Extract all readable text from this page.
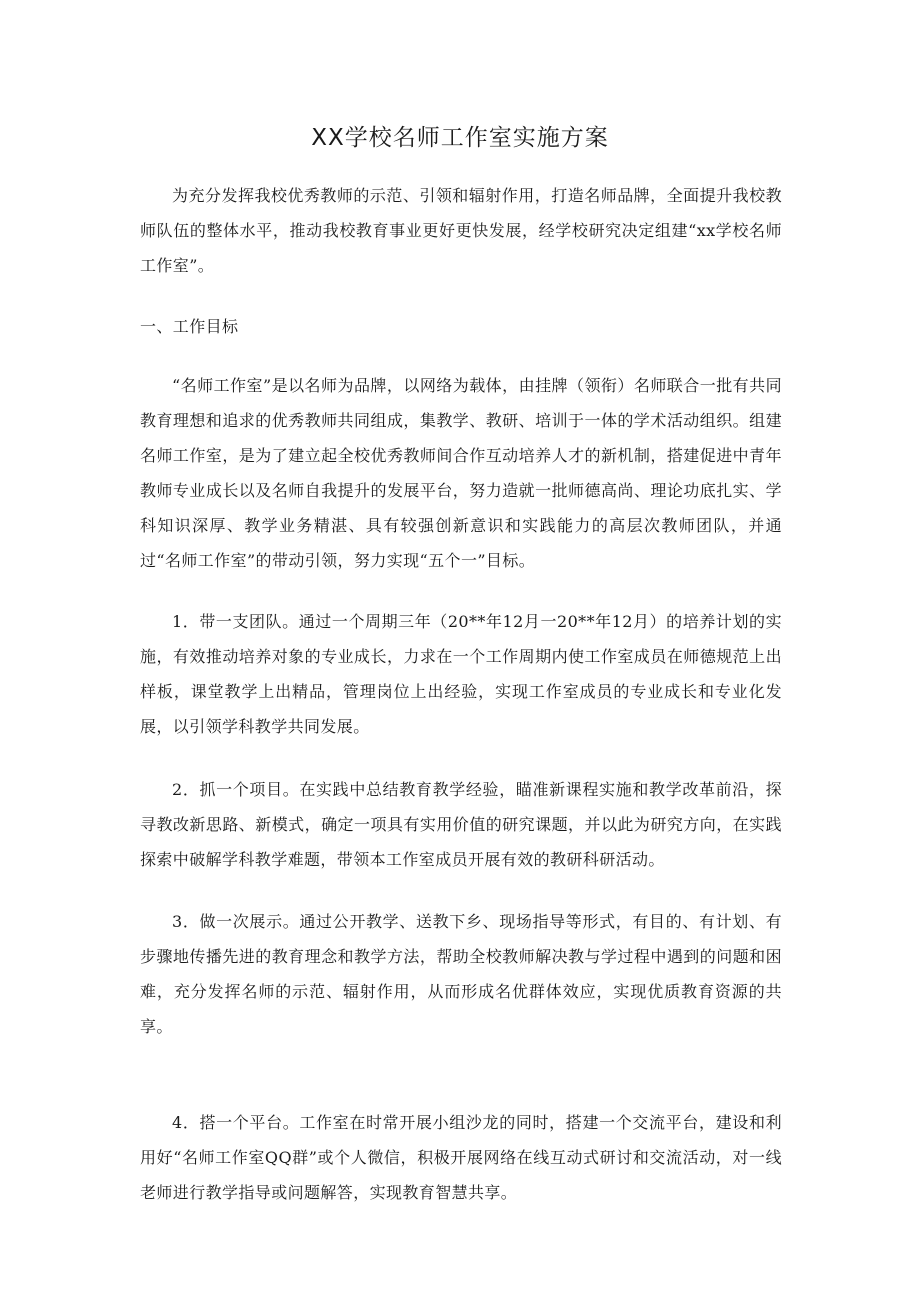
XX学校名师工作室实施方案

为充分发挥我校优秀教师的示范、引领和辐射作用，打造名师品牌，全面提升我校教师队伍的整体水平，推动我校教育事业更好更快发展，经学校研究决定组建“xx学校名师工作室”。

一、工作目标

“名师工作室”是以名师为品牌，以网络为载体，由挂牌（领衔）名师联合一批有共同教育理想和追求的优秀教师共同组成，集教学、教研、培训于一体的学术活动组织。组建名师工作室，是为了建立起全校优秀教师间合作互动培养人才的新机制，搭建促进中青年教师专业成长以及名师自我提升的发展平台，努力造就一批师德高尚、理论功底扎实、学科知识深厚、教学业务精湛、具有较强创新意识和实践能力的高层次教师团队，并通过“名师工作室”的带动引领，努力实现“五个一”目标。

1．带一支团队。通过一个周期三年（20**年12月一20**年12月）的培养计划的实施，有效推动培养对象的专业成长，力求在一个工作周期内使工作室成员在师德规范上出样板，课堂教学上出精品，管理岗位上出经验，实现工作室成员的专业成长和专业化发展，以引领学科教学共同发展。

2．抓一个项目。在实践中总结教育教学经验，瞄准新课程实施和教学改革前沿，探寻教改新思路、新模式，确定一项具有实用价值的研究课题，并以此为研究方向，在实践探索中破解学科教学难题，带领本工作室成员开展有效的教研科研活动。

3．做一次展示。通过公开教学、送教下乡、现场指导等形式，有目的、有计划、有步骤地传播先进的教育理念和教学方法，帮助全校教师解决教与学过程中遇到的问题和困难，充分发挥名师的示范、辐射作用，从而形成名优群体效应，实现优质教育资源的共享。

4．搭一个平台。工作室在时常开展小组沙龙的同时，搭建一个交流平台，建设和利用好“名师工作室QQ群”或个人微信，积极开展网络在线互动式研讨和交流活动，对一线老师进行教学指导或问题解答，实现教育智慧共享。
